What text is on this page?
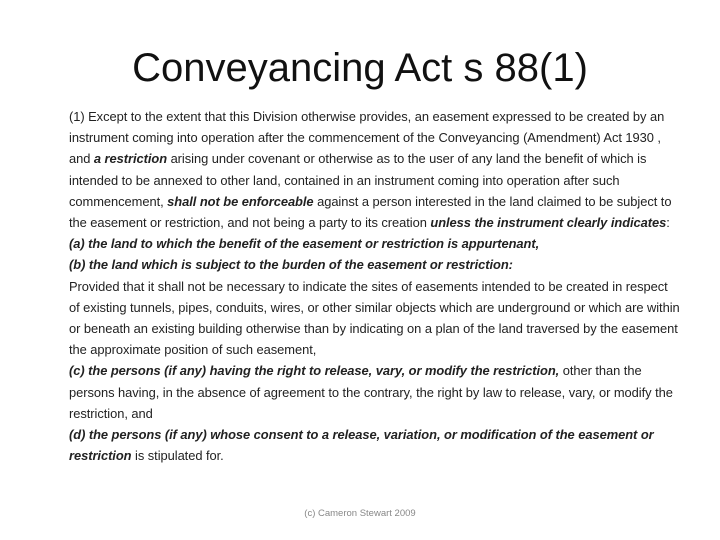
Conveyancing Act s 88(1)

(1) Except to the extent that this Division otherwise provides, an easement expressed to be created by an instrument coming into operation after the commencement of the Conveyancing (Amendment) Act 1930 , and a restriction arising under covenant or otherwise as to the user of any land the benefit of which is intended to be annexed to other land, contained in an instrument coming into operation after such commencement, shall not be enforceable against a person interested in the land claimed to be subject to the easement or restriction, and not being a party to its creation unless the instrument clearly indicates:

(a) the land to which the benefit of the easement or restriction is appurtenant,

(b) the land which is subject to the burden of the easement or restriction:

Provided that it shall not be necessary to indicate the sites of easements intended to be created in respect of existing tunnels, pipes, conduits, wires, or other similar objects which are underground or which are within or beneath an existing building otherwise than by indicating on a plan of the land traversed by the easement the approximate position of such easement,

(c) the persons (if any) having the right to release, vary, or modify the restriction, other than the persons having, in the absence of agreement to the contrary, the right by law to release, vary, or modify the restriction, and

(d) the persons (if any) whose consent to a release, variation, or modification of the easement or restriction is stipulated for.

(c) Cameron Stewart 2009
